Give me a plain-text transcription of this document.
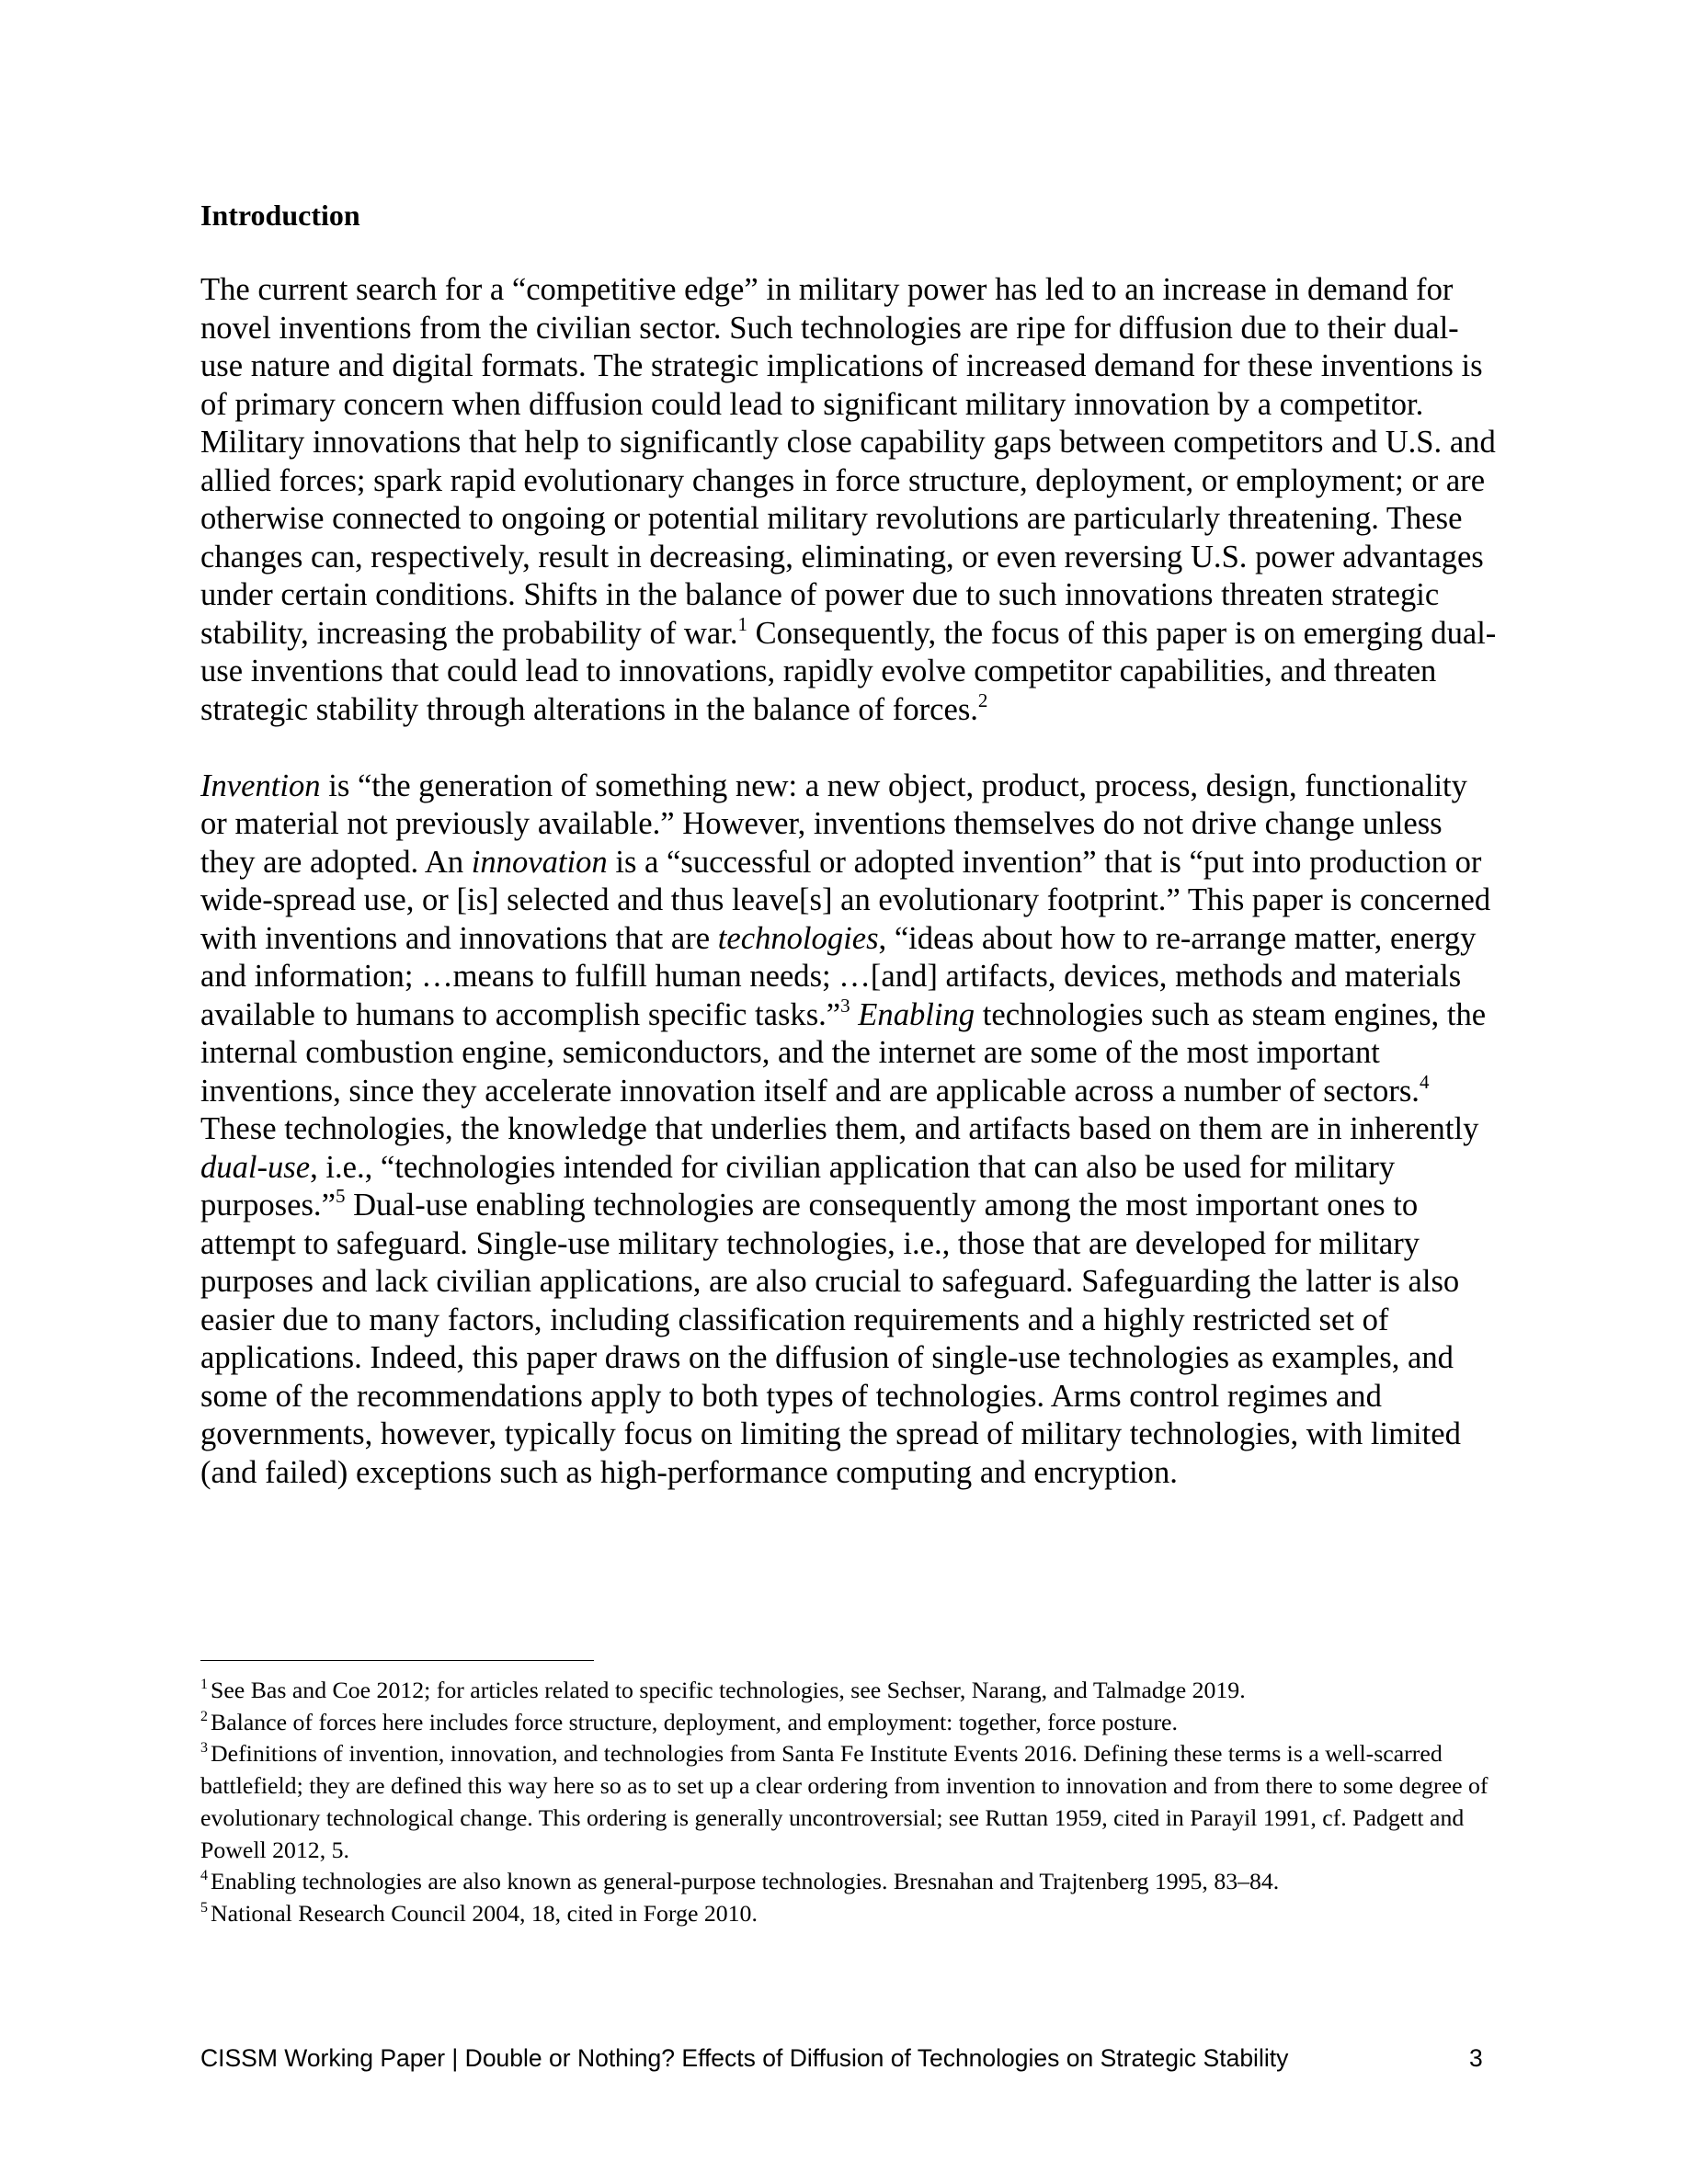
Introduction

The current search for a “competitive edge” in military power has led to an increase in demand for novel inventions from the civilian sector. Such technologies are ripe for diffusion due to their dual-use nature and digital formats. The strategic implications of increased demand for these inventions is of primary concern when diffusion could lead to significant military innovation by a competitor. Military innovations that help to significantly close capability gaps between competitors and U.S. and allied forces; spark rapid evolutionary changes in force structure, deployment, or employment; or are otherwise connected to ongoing or potential military revolutions are particularly threatening. These changes can, respectively, result in decreasing, eliminating, or even reversing U.S. power advantages under certain conditions. Shifts in the balance of power due to such innovations threaten strategic stability, increasing the probability of war.$^1$ Consequently, the focus of this paper is on emerging dual-use inventions that could lead to innovations, rapidly evolve competitor capabilities, and threaten strategic stability through alterations in the balance of forces.$^2$

Invention is “the generation of something new: a new object, product, process, design, functionality or material not previously available.” However, inventions themselves do not drive change unless they are adopted. An innovation is a “successful or adopted invention” that is “put into production or wide-spread use, or [is] selected and thus leave[s] an evolutionary footprint.” This paper is concerned with inventions and innovations that are technologies, “ideas about how to re-arrange matter, energy and information; …means to fulfill human needs; …[and] artifacts, devices, methods and materials available to humans to accomplish specific tasks.”$^3$ Enabling technologies such as steam engines, the internal combustion engine, semiconductors, and the internet are some of the most important inventions, since they accelerate innovation itself and are applicable across a number of sectors.$^4$ These technologies, the knowledge that underlies them, and artifacts based on them are in inherently dual-use, i.e., “technologies intended for civilian application that can also be used for military purposes.”$^5$ Dual-use enabling technologies are consequently among the most important ones to attempt to safeguard. Single-use military technologies, i.e., those that are developed for military purposes and lack civilian applications, are also crucial to safeguard. Safeguarding the latter is also easier due to many factors, including classification requirements and a highly restricted set of applications. Indeed, this paper draws on the diffusion of single-use technologies as examples, and some of the recommendations apply to both types of technologies. Arms control regimes and governments, however, typically focus on limiting the spread of military technologies, with limited (and failed) exceptions such as high-performance computing and encryption.

$^1$ See Bas and Coe 2012; for articles related to specific technologies, see Sechser, Narang, and Talmadge 2019.

$^2$ Balance of forces here includes force structure, deployment, and employment: together, force posture.

$^3$ Definitions of invention, innovation, and technologies from Santa Fe Institute Events 2016. Defining these terms is a well-scarred battlefield; they are defined this way here so as to set up a clear ordering from invention to innovation and from there to some degree of evolutionary technological change. This ordering is generally uncontroversial; see Ruttan 1959, cited in Parayil 1991, cf. Padgett and Powell 2012, 5.

$^4$ Enabling technologies are also known as general-purpose technologies. Bresnahan and Trajtenberg 1995, 83–84.

$^5$ National Research Council 2004, 18, cited in Forge 2010.

CISSM Working Paper | Double or Nothing? Effects of Diffusion of Technologies on Strategic Stability	3
